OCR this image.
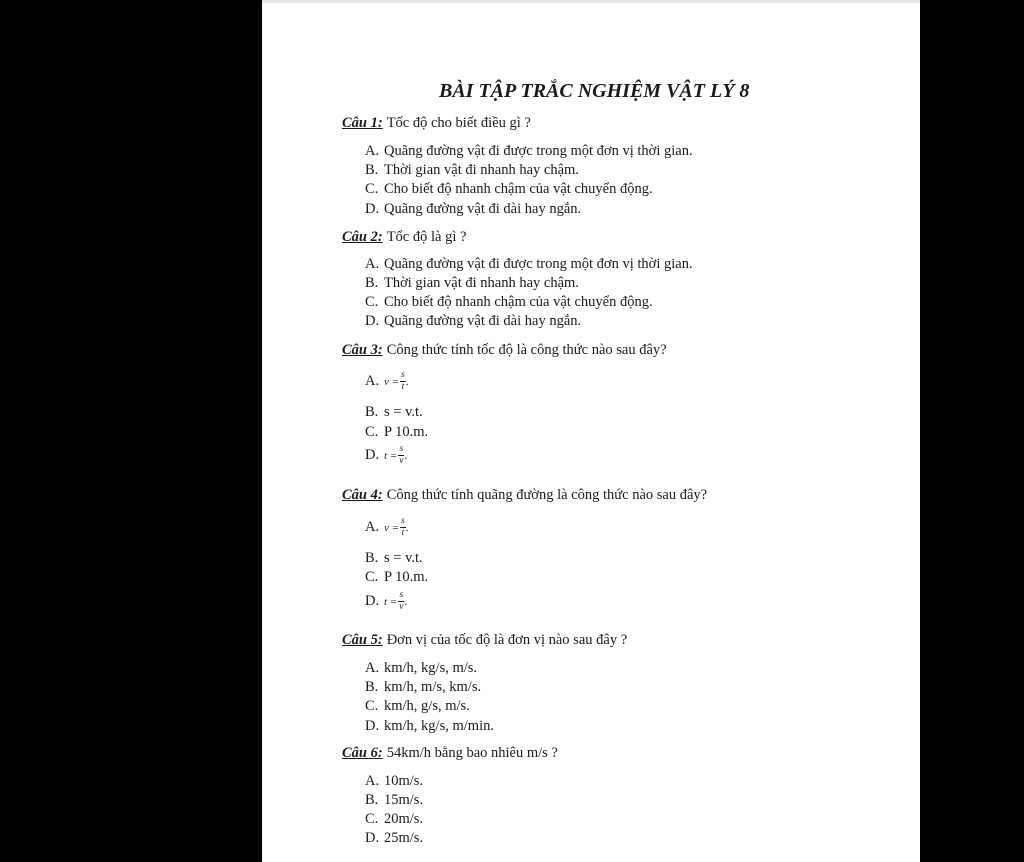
BÀI TẬP TRẮC NGHIỆM VẬT LÝ 8
Câu 1: Tốc độ cho biết điều gì ?
A. Quãng đường vật đi được trong một đơn vị thời gian.
B. Thời gian vật đi nhanh hay chậm.
C. Cho biết độ nhanh chậm của vật chuyển động.
D. Quãng đường vật đi dài hay ngắn.
Câu 2: Tốc độ là gì ?
A. Quãng đường vật đi được trong một đơn vị thời gian.
B. Thời gian vật đi nhanh hay chậm.
C. Cho biết độ nhanh chậm của vật chuyển động.
D. Quãng đường vật đi dài hay ngắn.
Câu 3: Công thức tính tốc độ là công thức nào sau đây?
A. $v = \frac{s}{t}$ .
B. s = v.t.
C. P 10.m.
D. $t = \frac{s}{v}$ .
Câu 4: Công thức tính quãng đường là công thức nào sau đây?
A. $v = \frac{s}{t}$ .
B. s = v.t.
C. P 10.m.
D. $t = \frac{s}{v}$ .
Câu 5: Đơn vị của tốc độ là đơn vị nào sau đây ?
A. km/h, kg/s, m/s.
B. km/h, m/s, km/s.
C. km/h, g/s, m/s.
D. km/h, kg/s, m/min.
Câu 6: 54km/h bằng bao nhiêu m/s ?
A. 10m/s.
B. 15m/s.
C. 20m/s.
D. 25m/s.
